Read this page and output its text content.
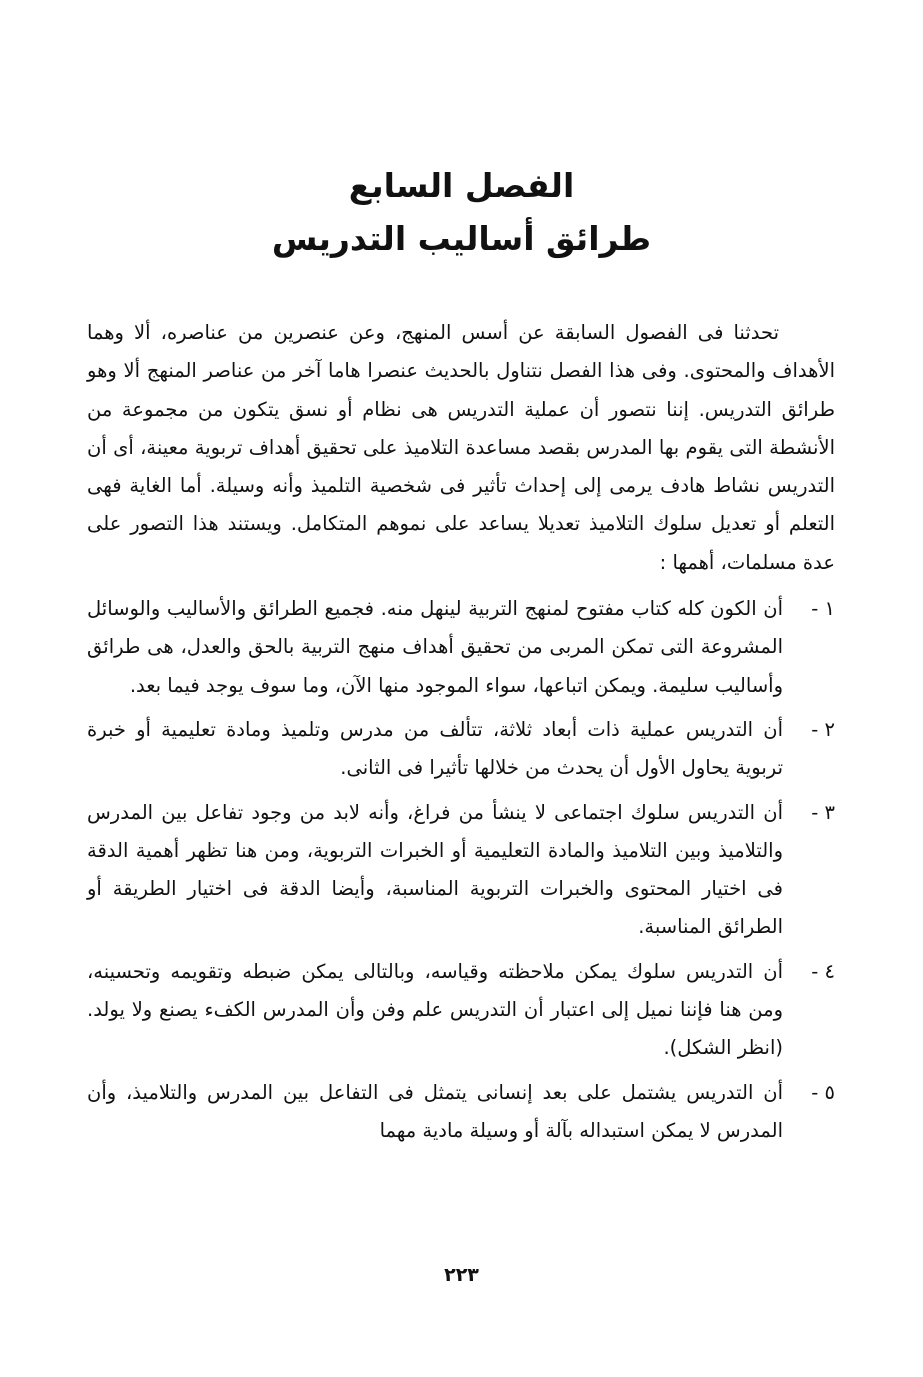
الفصل السابع
طرائق أساليب التدريس

تحدثنا فى الفصول السابقة عن أسس المنهج، وعن عنصرين من عناصره، ألا وهما الأهداف والمحتوى. وفى هذا الفصل نتناول بالحديث عنصرا هاما آخر من عناصر المنهج ألا وهو طرائق التدريس. إننا نتصور أن عملية التدريس هى نظام أو نسق يتكون من مجموعة من الأنشطة التى يقوم بها المدرس بقصد مساعدة التلاميذ على تحقيق أهداف تربوية معينة، أى أن التدريس نشاط هادف يرمى إلى إحداث تأثير فى شخصية التلميذ وأنه وسيلة. أما الغاية فهى التعلم أو تعديل سلوك التلاميذ تعديلا يساعد على نموهم المتكامل. ويستند هذا التصور على عدة مسلمات، أهمها :

١ -

أن الكون كله كتاب مفتوح لمنهج التربية لينهل منه. فجميع الطرائق والأساليب والوسائل المشروعة التى تمكن المربى من تحقيق أهداف منهج التربية بالحق والعدل، هى طرائق وأساليب سليمة. ويمكن اتباعها، سواء الموجود منها الآن، وما سوف يوجد فيما بعد.

٢ -

أن التدريس عملية ذات أبعاد ثلاثة، تتألف من مدرس وتلميذ ومادة تعليمية أو خبرة تربوية يحاول الأول أن يحدث من خلالها تأثيرا فى الثانى.

٣ -

أن التدريس سلوك اجتماعى لا ينشأ من فراغ، وأنه لابد من وجود تفاعل بين المدرس والتلاميذ وبين التلاميذ والمادة التعليمية أو الخبرات التربوية، ومن هنا تظهر أهمية الدقة فى اختيار المحتوى والخبرات التربوية المناسبة، وأيضا الدقة فى اختيار الطريقة أو الطرائق المناسبة.

٤ -

أن التدريس سلوك يمكن ملاحظته وقياسه، وبالتالى يمكن ضبطه وتقويمه وتحسينه، ومن هنا فإننا نميل إلى اعتبار أن التدريس علم وفن وأن المدرس الكفء يصنع ولا يولد.(انظر الشكل).

٥ -

أن التدريس يشتمل على بعد إنسانى يتمثل فى التفاعل بين المدرس والتلاميذ، وأن المدرس لا يمكن استبداله بآلة أو وسيلة مادية مهما

٢٢٣
